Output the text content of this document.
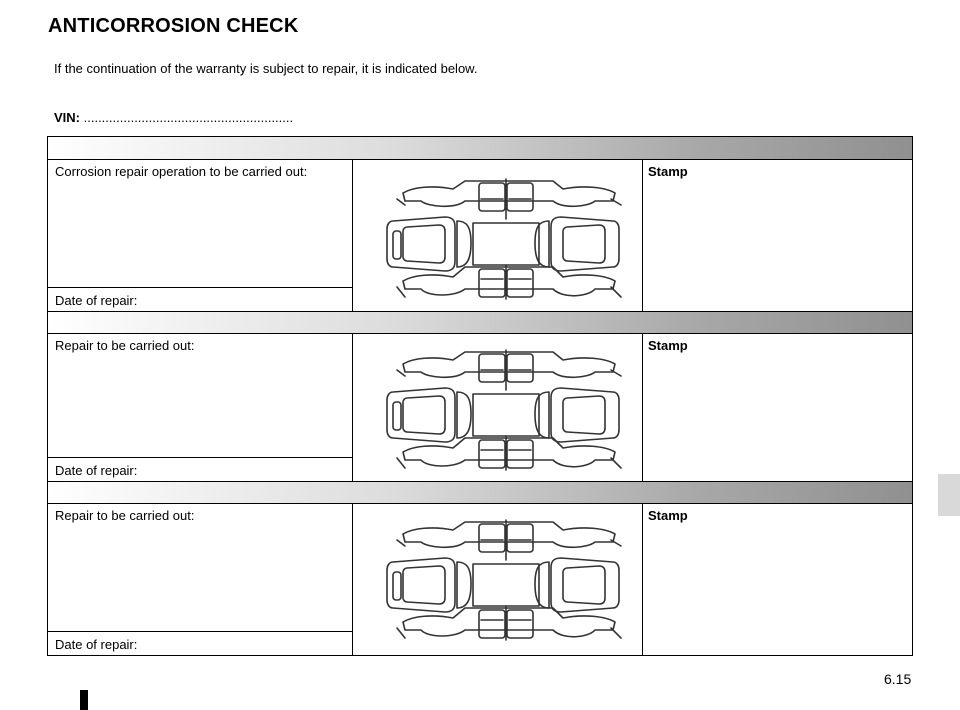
ANTICORROSION CHECK
If the continuation of the warranty is subject to repair, it is indicated below.
VIN: ..........................................................
Corrosion repair operation to be carried out:
Date of repair:
Stamp
Repair to be carried out:
Date of repair:
Stamp
Repair to be carried out:
Date of repair:
Stamp
6.15
